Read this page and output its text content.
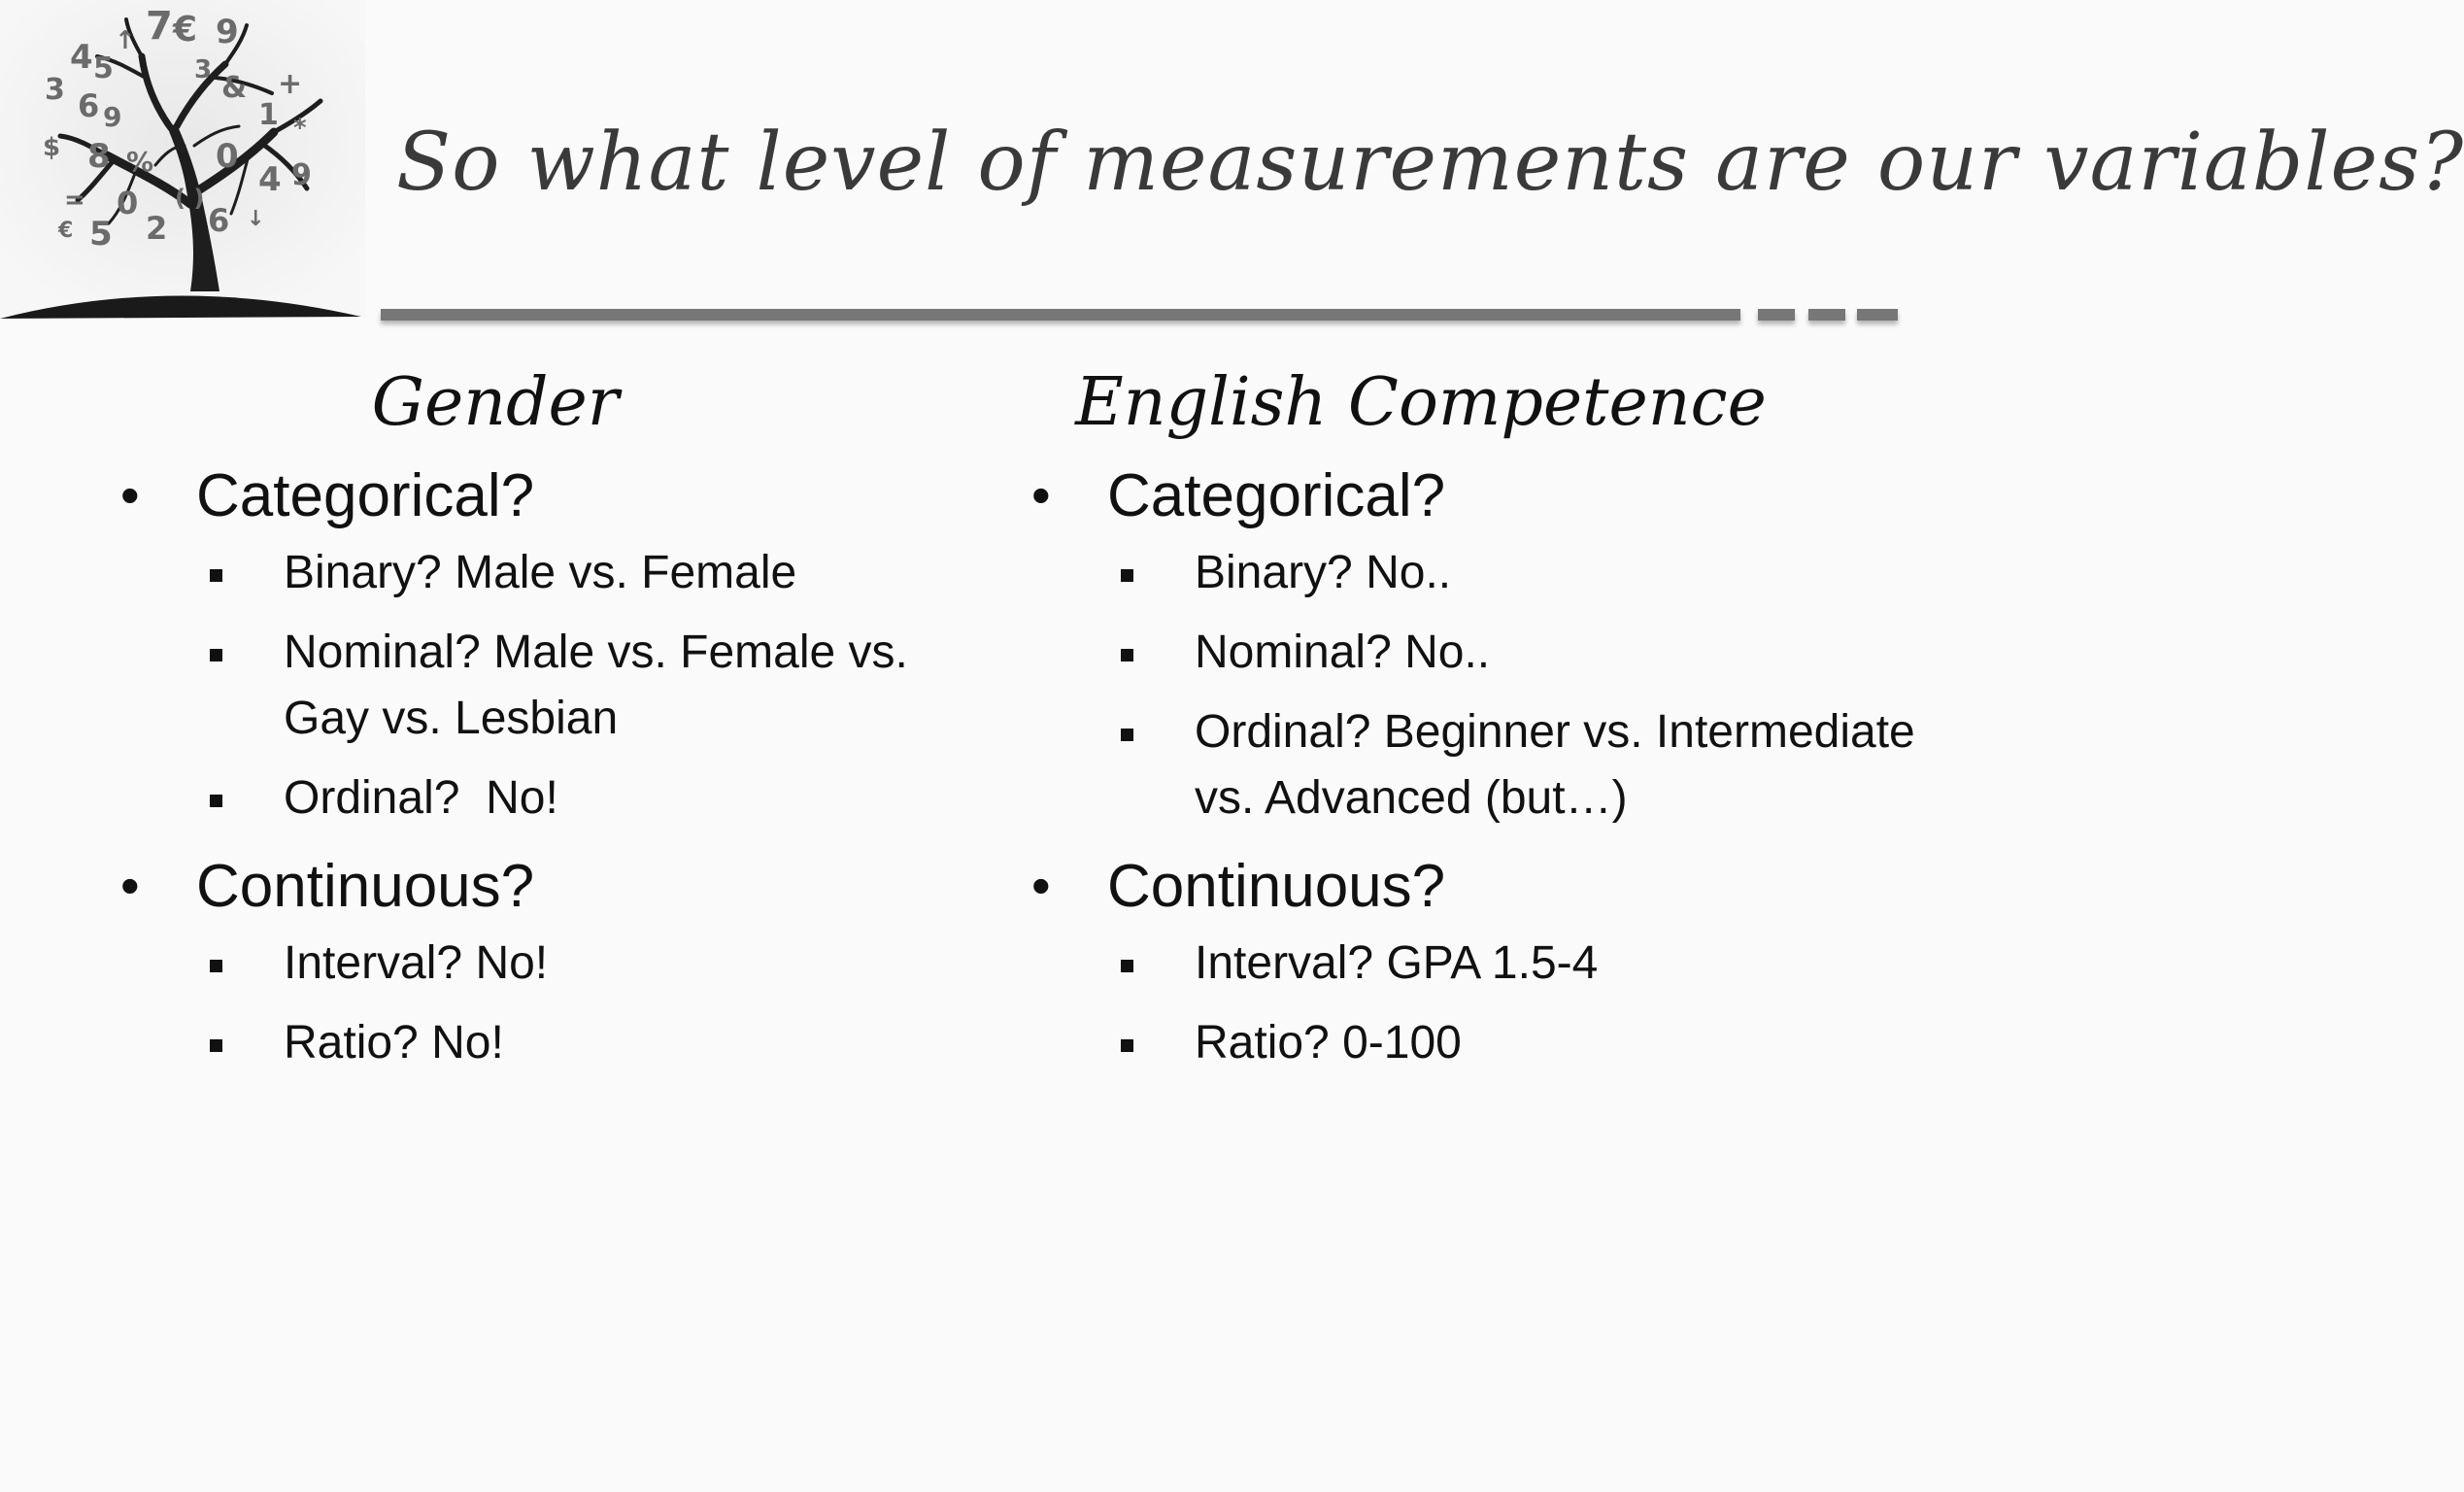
7 € 9
4 5
3 6 9
&
1
+
0
4 9
8 %
$
0
2 6
5
=	( )
*
3
€	↓
↑
So what level of measurements are our variables?
Gender
• Categorical?
Binary? Male vs. Female
Nominal? Male vs. Female vs. Gay vs. Lesbian
Ordinal?  No!
• Continuous?
Interval? No!
Ratio? No!
English Competence
• Categorical?
Binary? No..
Nominal? No..
Ordinal? Beginner vs. Intermediate vs. Advanced (but…)
• Continuous?
Interval? GPA 1.5-4
Ratio? 0-100
